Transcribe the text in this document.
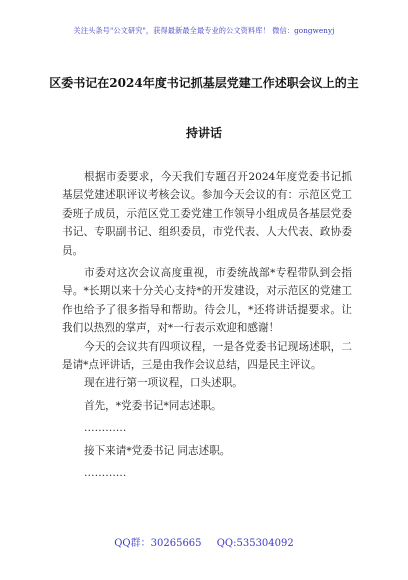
关注头条号"公文研究"，获得最新最全最专业的公文资料库！ 微信：gongwenyj
区委书记在2024年度书记抓基层党建工作述职会议上的主
持讲话

根据市委要求，今天我们专题召开2024年度党委书记抓基层党建述职评议考核会议。参加今天会议的有：示范区党工委班子成员，示范区党工委党建工作领导小组成员各基层党委书记、专职副书记、组织委员，市党代表、人大代表、政协委员。

市委对这次会议高度重视，市委统战部*专程带队到会指导。*长期以来十分关心支持*的开发建设，对示范区的党建工作也给予了很多指导和帮助。待会儿，*还将讲话提要求。让我们以热烈的掌声，对*一行表示欢迎和感谢！

今天的会议共有四项议程，一是各党委书记现场述职，二是请*点评讲话，三是由我作会议总结，四是民主评议。

现在进行第一项议程，口头述职。

首先，*党委书记*同志述职。

…………

接下来请*党委书记 同志述职。

…………

QQ群：30265665 QQ:535304092
